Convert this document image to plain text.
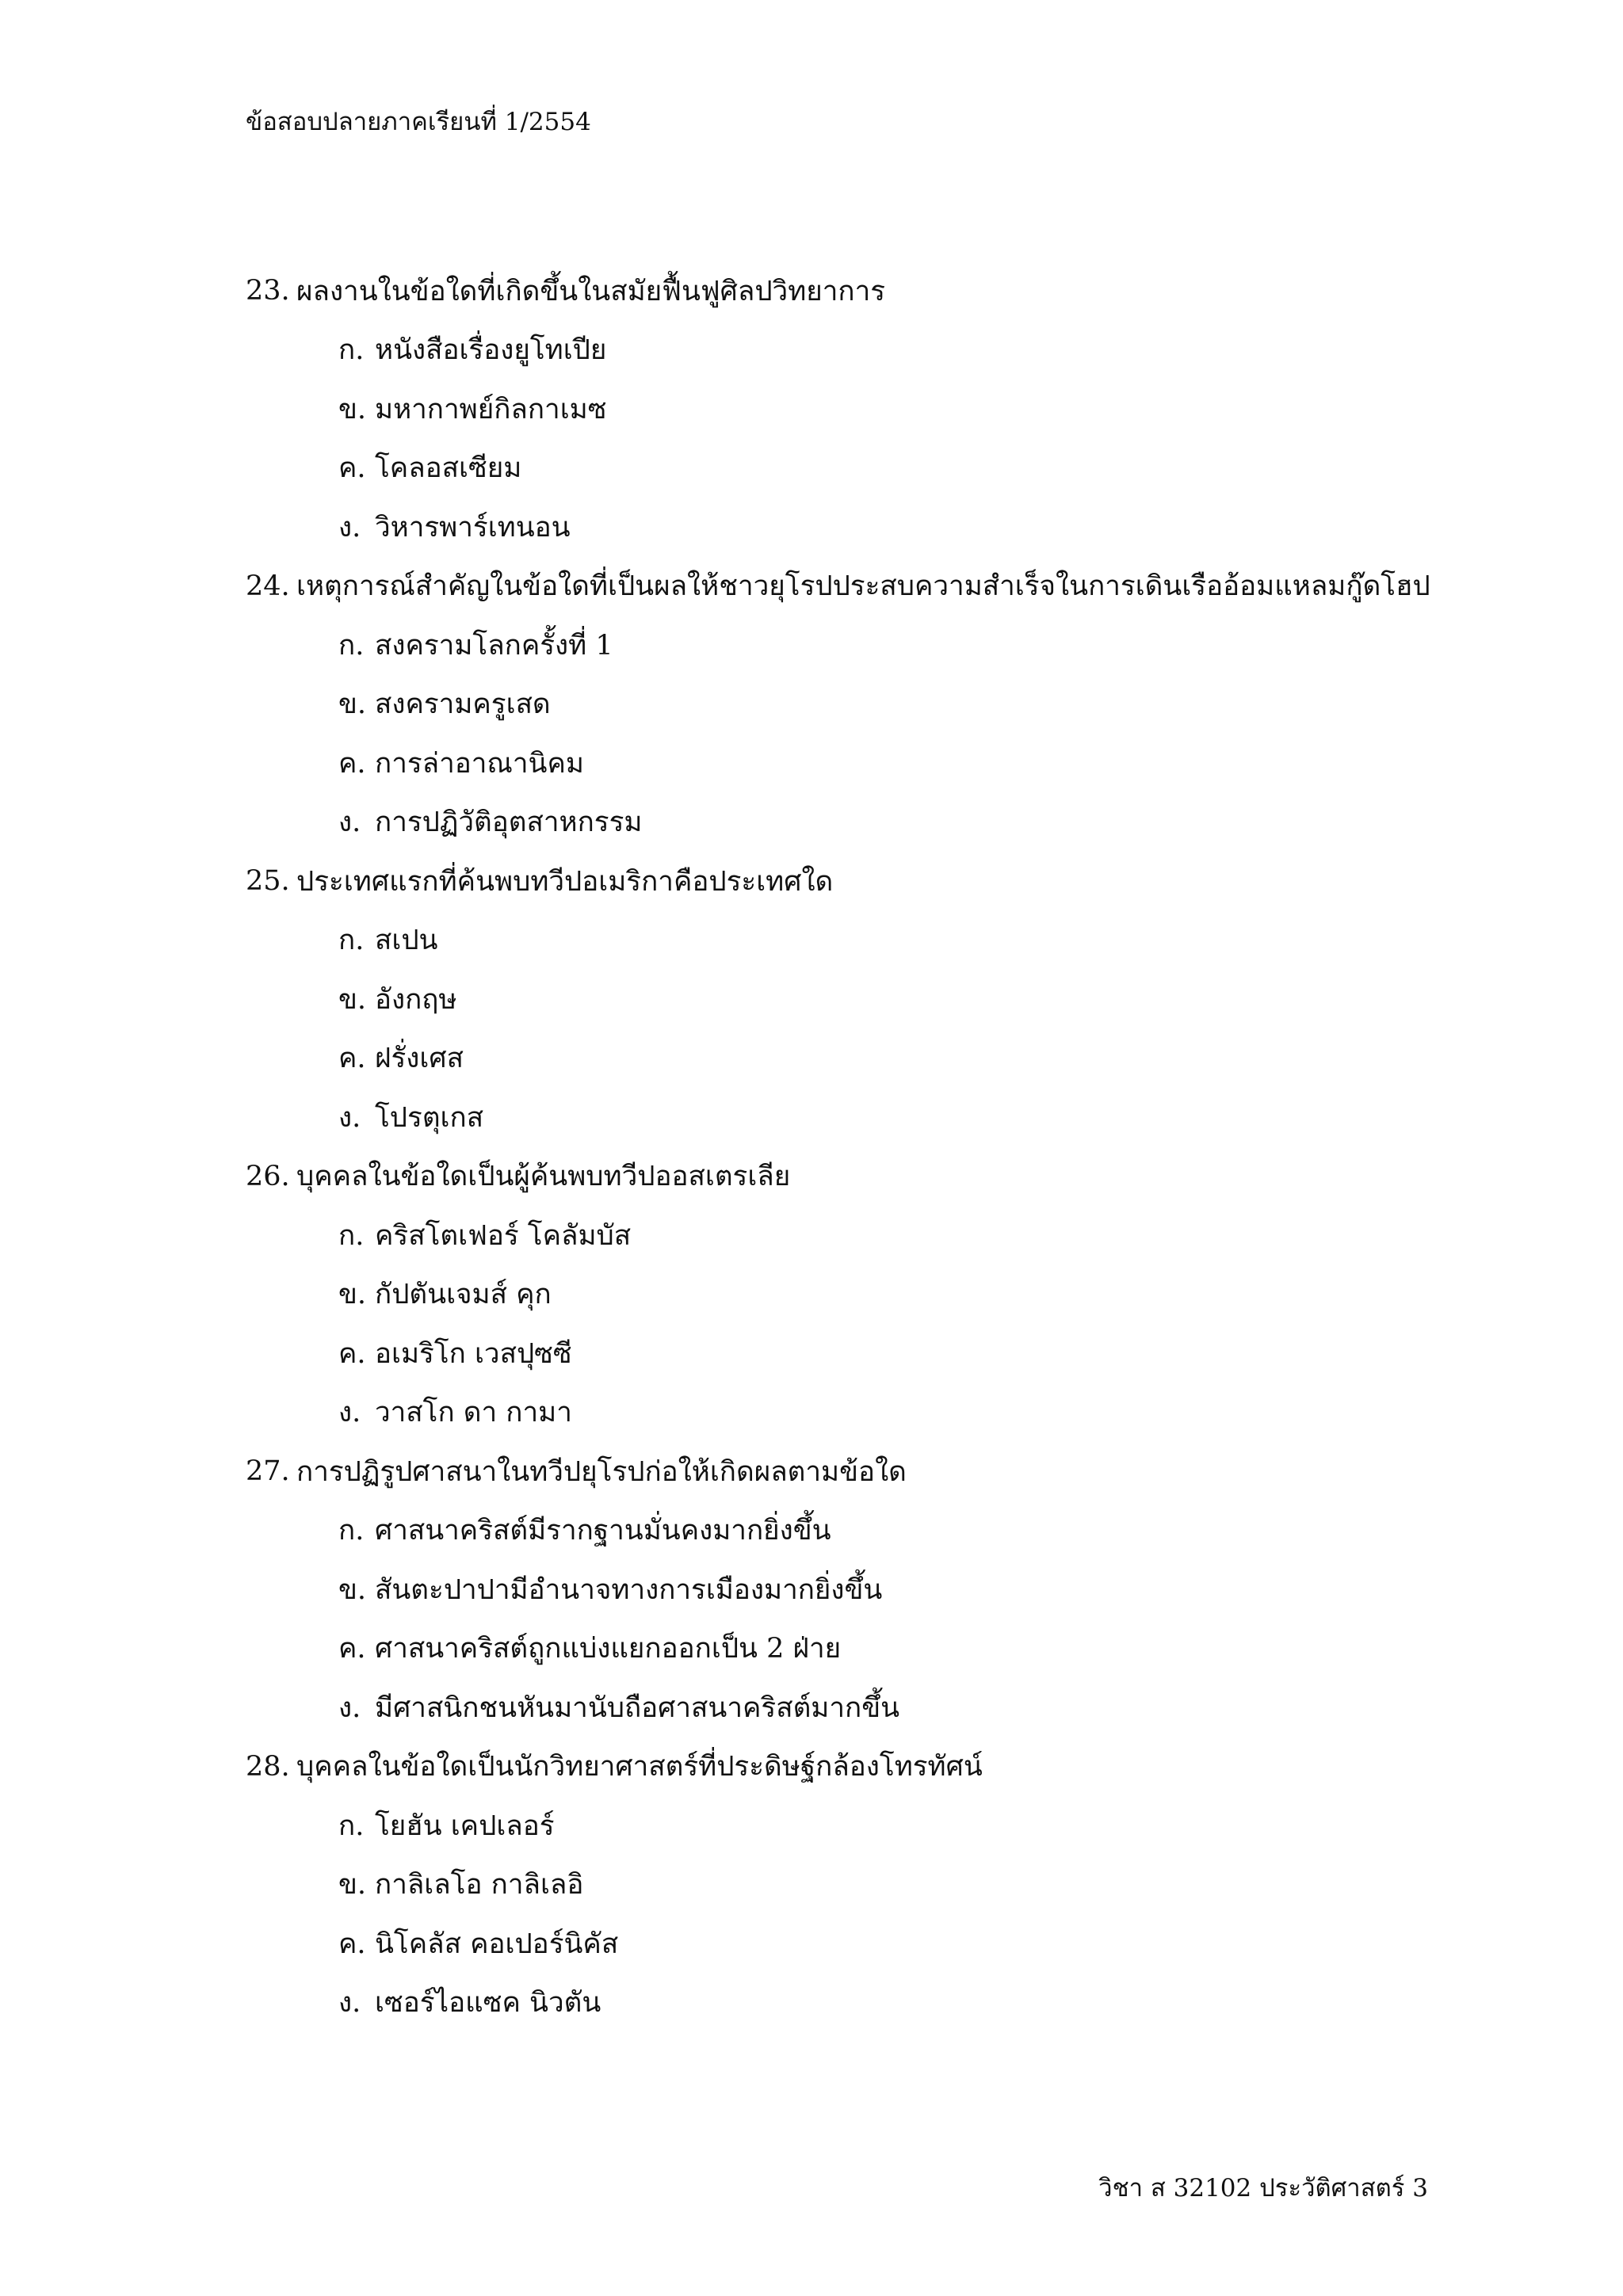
ข้อสอบปลายภาคเรียนที่ 1/2554
23. ผลงานในข้อใดที่เกิดขึ้นในสมัยฟื้นฟูศิลปวิทยาการ
ก. หนังสือเรื่องยูโทเปีย
ข. มหากาพย์กิลกาเมซ
ค. โคลอสเซียม
ง. วิหารพาร์เทนอน
24. เหตุการณ์สำคัญในข้อใดที่เป็นผลให้ชาวยุโรปประสบความสำเร็จในการเดินเรืออ้อมแหลมกู๊ดโฮป
ก. สงครามโลกครั้งที่ 1
ข. สงครามครูเสด
ค. การล่าอาณานิคม
ง. การปฏิวัติอุตสาหกรรม
25. ประเทศแรกที่ค้นพบทวีปอเมริกาคือประเทศใด
ก. สเปน
ข. อังกฤษ
ค. ฝรั่งเศส
ง. โปรตุเกส
26. บุคคลในข้อใดเป็นผู้ค้นพบทวีปออสเตรเลีย
ก. คริสโตเฟอร์ โคลัมบัส
ข. กัปตันเจมส์ คุก
ค. อเมริโก เวสปุซซี
ง. วาสโก ดา กามา
27. การปฏิรูปศาสนาในทวีปยุโรปก่อให้เกิดผลตามข้อใด
ก. ศาสนาคริสต์มีรากฐานมั่นคงมากยิ่งขึ้น
ข. สันตะปาปามีอำนาจทางการเมืองมากยิ่งขึ้น
ค. ศาสนาคริสต์ถูกแบ่งแยกออกเป็น 2 ฝ่าย
ง. มีศาสนิกชนหันมานับถือศาสนาคริสต์มากขึ้น
28. บุคคลในข้อใดเป็นนักวิทยาศาสตร์ที่ประดิษฐ์กล้องโทรทัศน์
ก. โยฮัน เคปเลอร์
ข. กาลิเลโอ กาลิเลอิ
ค. นิโคลัส คอเปอร์นิคัส
ง. เซอร์ไอแซค นิวตัน
วิชา ส 32102 ประวัติศาสตร์ 3
